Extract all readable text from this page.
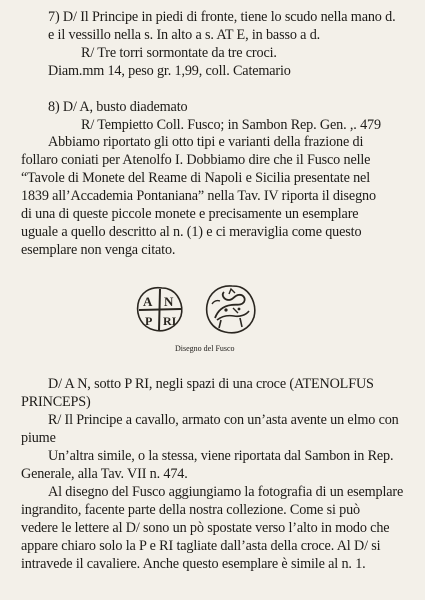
7) D/ Il Principe in piedi di fronte, tiene lo scudo nella mano d.

e il vessillo nella s. In alto a s. AT E, in basso a d.

R/ Tre torri sormontate da tre croci.

Diam.mm 14, peso gr. 1,99, coll. Catemario

8) D/ A, busto diademato

R/ Tempietto Coll. Fusco; in Sambon Rep. Gen. ,. 479

Abbiamo riportato gli otto tipi e varianti della frazione di

follaro coniati per Atenolfo I. Dobbiamo dire che il Fusco nelle

“Tavole di Monete del Reame di Napoli e Sicilia presentate nel

1839 all’Accademia Pontaniana” nella Tav. IV riporta il disegno

di una di queste piccole monete e precisamente un esemplare

uguale a quello descritto al n. (1) e ci meraviglia come questo

esemplare non venga citato.

A N
P RI

Disegno del Fusco

D/ A N, sotto P RI, negli spazi di una croce (ATENOLFUS

PRINCEPS)

R/ Il Principe a cavallo, armato con un’asta avente un elmo con

piume

Un’altra simile, o la stessa, viene riportata dal Sambon in Rep.

Generale, alla Tav. VII n. 474.

Al disegno del Fusco aggiungiamo la fotografia di un esemplare

ingrandito, facente parte della nostra collezione. Come si può

vedere le lettere al D/ sono un pò spostate verso l’alto in modo che

appare chiaro solo la P e RI tagliate dall’asta della croce. Al D/ si

intravede il cavaliere. Anche questo esemplare è simile al n. 1.
